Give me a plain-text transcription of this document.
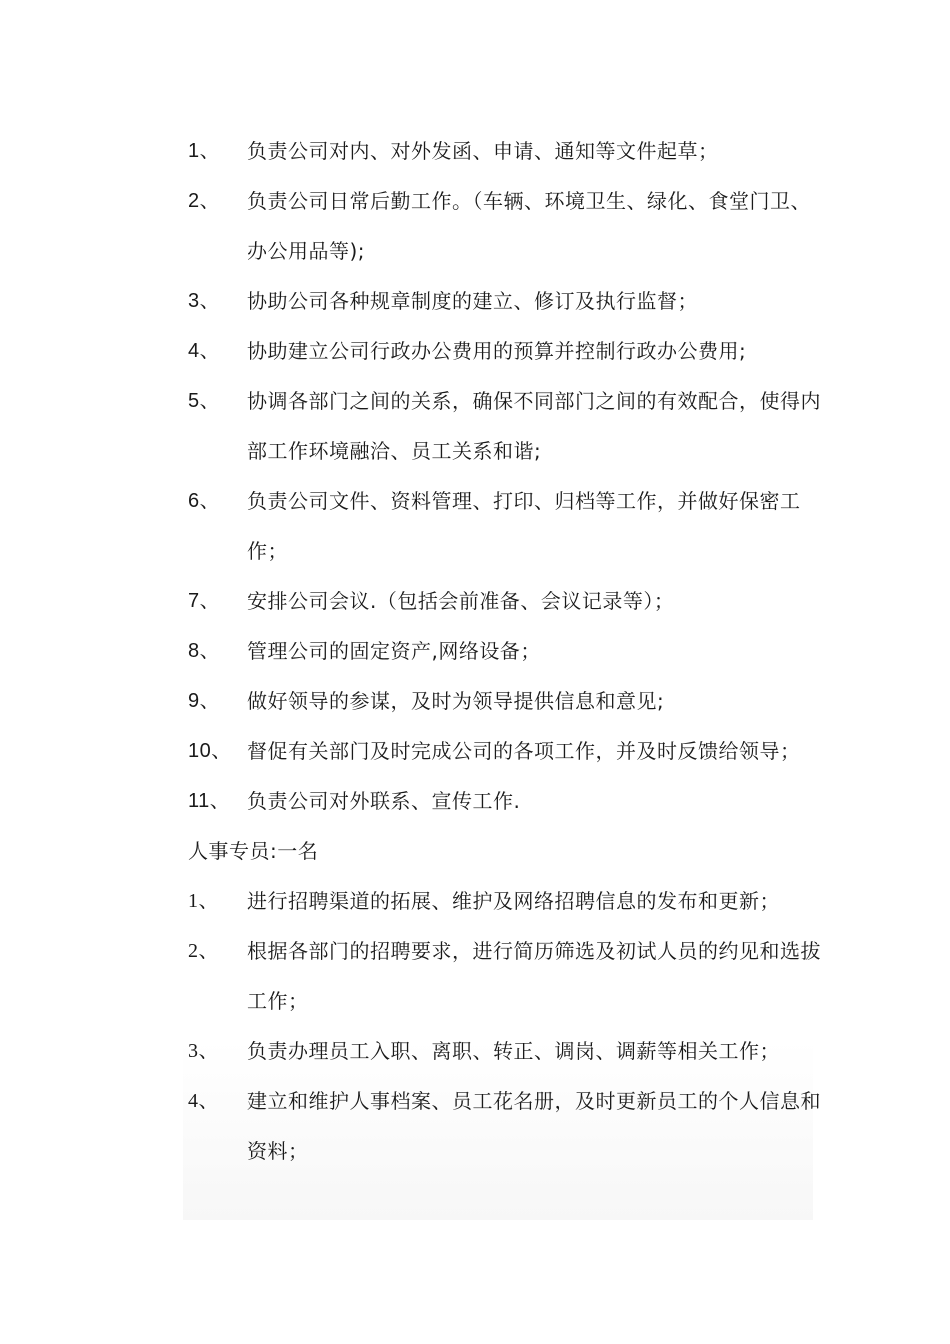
1、	负责公司对内、对外发函、申请、通知等文件起草；
2、	负责公司日常后勤工作。（车辆、环境卫生、绿化、食堂门卫、办公用品等);
3、	协助公司各种规章制度的建立、修订及执行监督；
4、	协助建立公司行政办公费用的预算并控制行政办公费用;
5、	协调各部门之间的关系，确保不同部门之间的有效配合，使得内部工作环境融洽、员工关系和谐;
6、	负责公司文件、资料管理、打印、归档等工作，并做好保密工作；
7、	安排公司会议.（包括会前准备、会议记录等）；
8、	管理公司的固定资产,网络设备；
9、	做好领导的参谋，及时为领导提供信息和意见;
10、 督促有关部门及时完成公司的各项工作，并及时反馈给领导；
11、 负责公司对外联系、宣传工作.
人事专员:一名
1、	进行招聘渠道的拓展、维护及网络招聘信息的发布和更新；
2、	根据各部门的招聘要求，进行简历筛选及初试人员的约见和选拔工作；
3、	负责办理员工入职、离职、转正、调岗、调薪等相关工作；
4、	建立和维护人事档案、员工花名册，及时更新员工的个人信息和资料；
